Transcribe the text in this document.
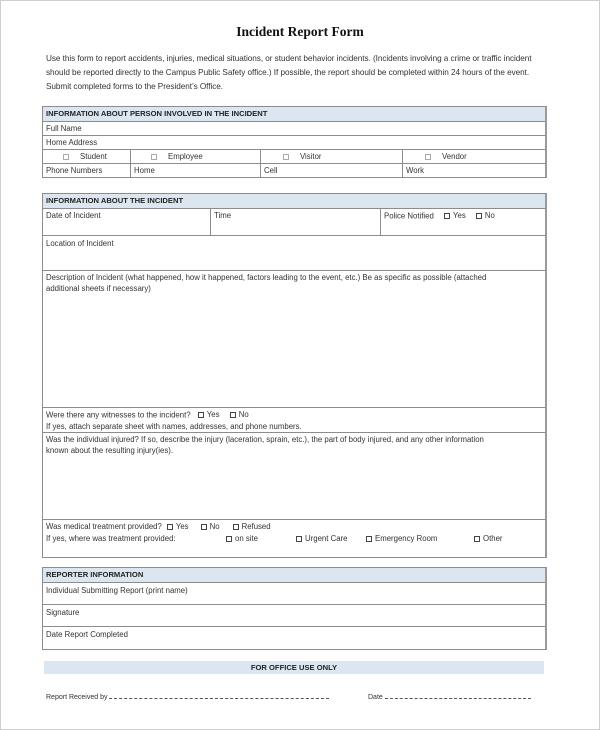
Incident Report Form
Use this form to report accidents, injuries, medical situations, or student behavior incidents. (Incidents involving a crime or traffic incident should be reported directly to the Campus Public Safety office.) If possible, the report should be completed within 24 hours of the event. Submit completed forms to the President’s Office.
INFORMATION ABOUT PERSON INVOLVED IN THE INCIDENT
Full Name
Home Address
Student	Employee	Visitor	Vendor
Phone Numbers	Home	Cell	Work
INFORMATION ABOUT THE INCIDENT
Date of Incident	Time	Police Notified Yes
No
Location of Incident
Description of Incident (what happened, how it happened, factors leading to the event, etc.) Be as specific as possible (attached additional sheets if necessary)
Were there any witnesses to the incident? Yes
No
If yes, attach separate sheet with names, addresses, and phone numbers.
Was the individual injured? If so, describe the injury (laceration, sprain, etc.), the part of body injured, and any other information known about the resulting injury(ies).
Was medical treatment provided? Yes	No	Refused
If yes, where was treatment provided:	on site	Urgent Care	Emergency Room	Other
REPORTER INFORMATION
Individual Submitting Report (print name)
Signature
Date Report Completed
FOR OFFICE USE ONLY
Report Received by	Date
